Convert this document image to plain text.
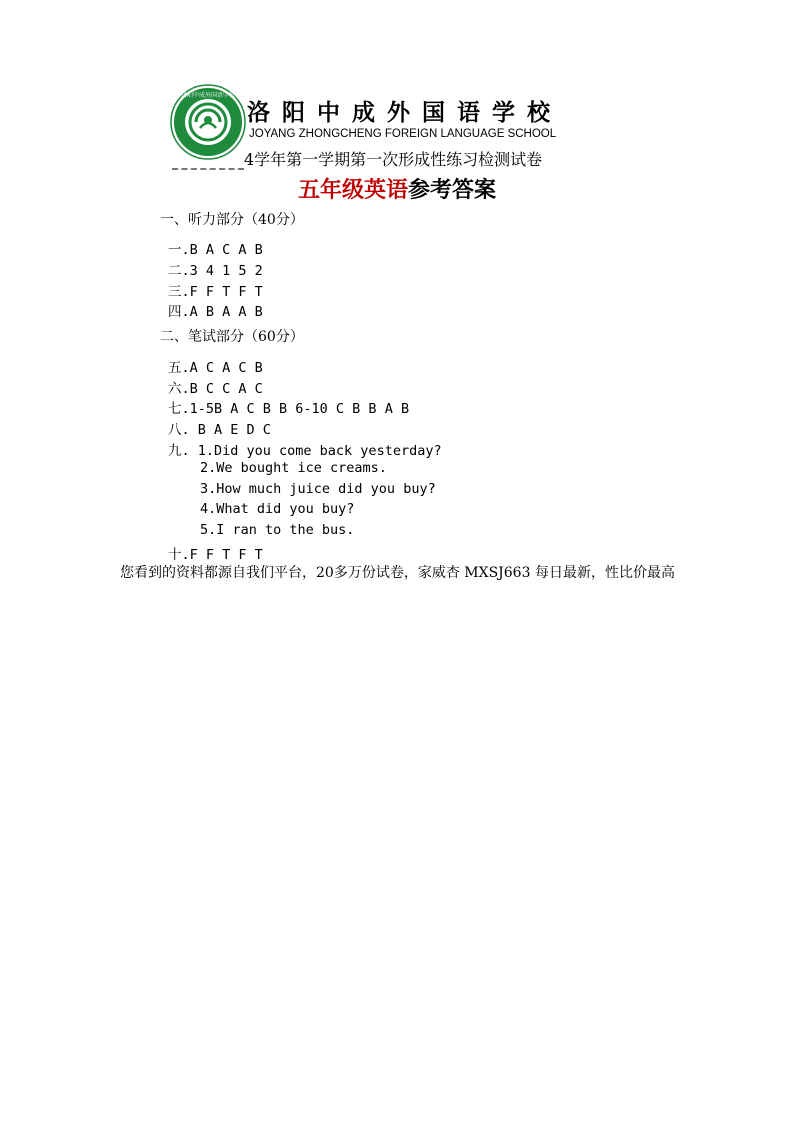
洛阳中成外国语学校
洛阳中成外国语学校
JOYANG ZHONGCHENG FOREIGN LANGUAGE SCHOOL
4学年第一学期第一次形成性练习检测试卷
五年级英语参考答案
一、听力部分（40分）
一.B A C A B
二.3 4 1 5 2
三.F F T F T
四.A B A A B
二、笔试部分（60分）
五.A C A C B
六.B C C A C
七.1-5B A C B B 6-10 C B B A B
八. B A E D C
九. 1.Did you come back yesterday?
2.We bought ice creams.
3.How much juice did you buy?
4.What did you buy?
5.I ran to the bus.
十.F F T F T
您看到的资料都源自我们平台，20多万份试卷，家威杏 MXSJ663 每日最新，性比价最高
